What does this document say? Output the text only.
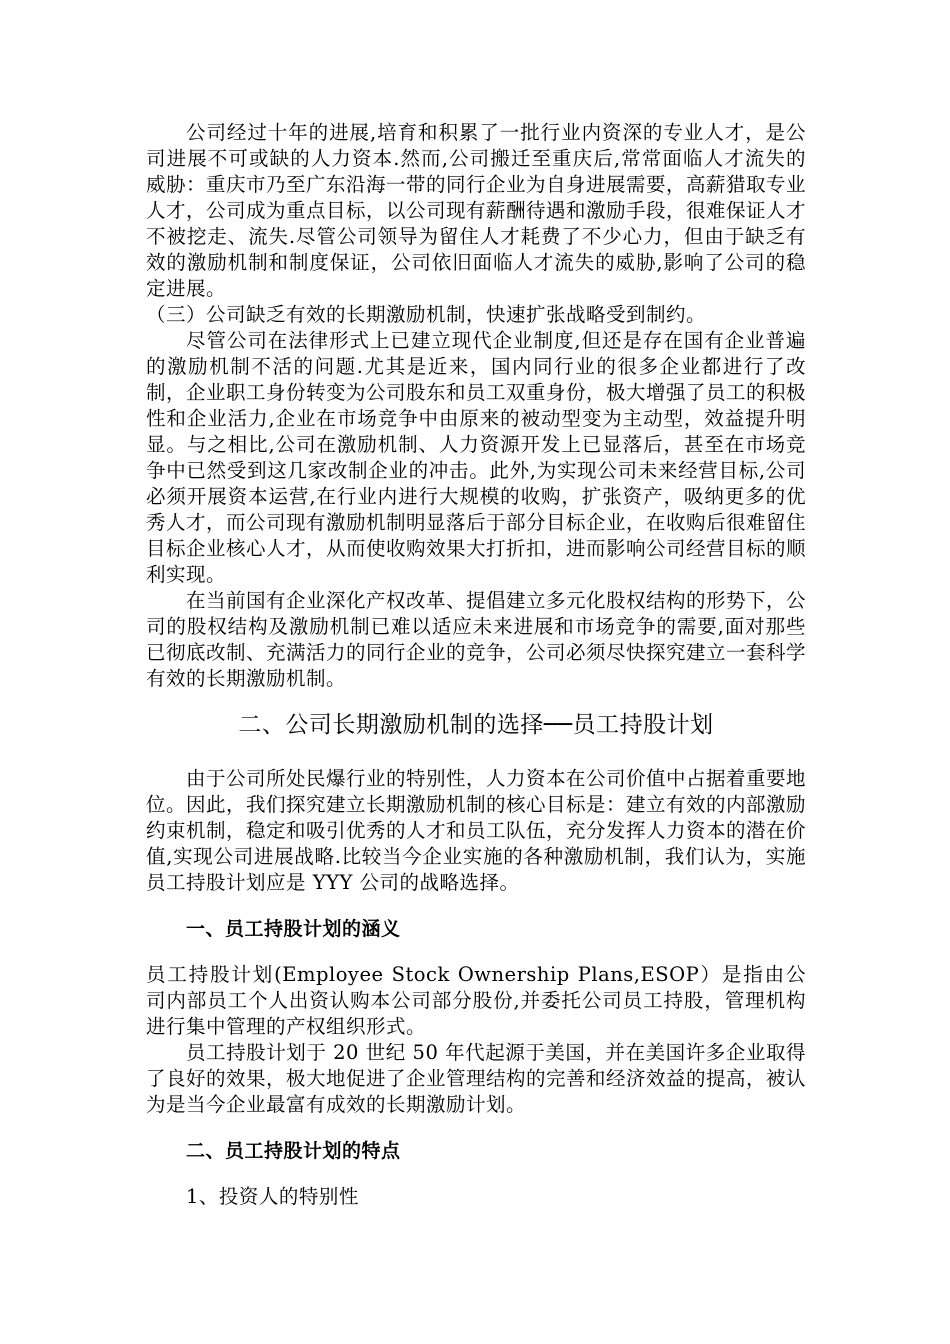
公司经过十年的进展,培育和积累了一批行业内资深的专业人才，是公司进展不可或缺的人力资本.然而,公司搬迁至重庆后,常常面临人才流失的威胁：重庆市乃至广东沿海一带的同行企业为自身进展需要，高薪猎取专业人才，公司成为重点目标，以公司现有薪酬待遇和激励手段，很难保证人才不被挖走、流失.尽管公司领导为留住人才耗费了不少心力，但由于缺乏有效的激励机制和制度保证，公司依旧面临人才流失的威胁,影响了公司的稳定进展。

（三）公司缺乏有效的长期激励机制，快速扩张战略受到制约。

尽管公司在法律形式上已建立现代企业制度,但还是存在国有企业普遍的激励机制不活的问题.尤其是近来，国内同行业的很多企业都进行了改制，企业职工身份转变为公司股东和员工双重身份，极大增强了员工的积极性和企业活力,企业在市场竞争中由原来的被动型变为主动型，效益提升明显。与之相比,公司在激励机制、人力资源开发上已显落后，甚至在市场竞争中已然受到这几家改制企业的冲击。此外,为实现公司未来经营目标,公司必须开展资本运营,在行业内进行大规模的收购，扩张资产，吸纳更多的优秀人才，而公司现有激励机制明显落后于部分目标企业，在收购后很难留住目标企业核心人才，从而使收购效果大打折扣，进而影响公司经营目标的顺利实现。

在当前国有企业深化产权改革、提倡建立多元化股权结构的形势下，公司的股权结构及激励机制已难以适应未来进展和市场竞争的需要,面对那些已彻底改制、充满活力的同行企业的竞争，公司必须尽快探究建立一套科学有效的长期激励机制。

二、公司长期激励机制的选择──员工持股计划

由于公司所处民爆行业的特别性，人力资本在公司价值中占据着重要地位。因此，我们探究建立长期激励机制的核心目标是：建立有效的内部激励约束机制，稳定和吸引优秀的人才和员工队伍，充分发挥人力资本的潜在价值,实现公司进展战略.比较当今企业实施的各种激励机制，我们认为，实施员工持股计划应是 YYY 公司的战略选择。

一、员工持股计划的涵义

员工持股计划(Employee Stock Ownership Plans,ESOP）是指由公司内部员工个人出资认购本公司部分股份,并委托公司员工持股，管理机构进行集中管理的产权组织形式。

员工持股计划于 20 世纪 50 年代起源于美国，并在美国许多企业取得了良好的效果，极大地促进了企业管理结构的完善和经济效益的提高，被认为是当今企业最富有成效的长期激励计划。

二、员工持股计划的特点

1、投资人的特别性
